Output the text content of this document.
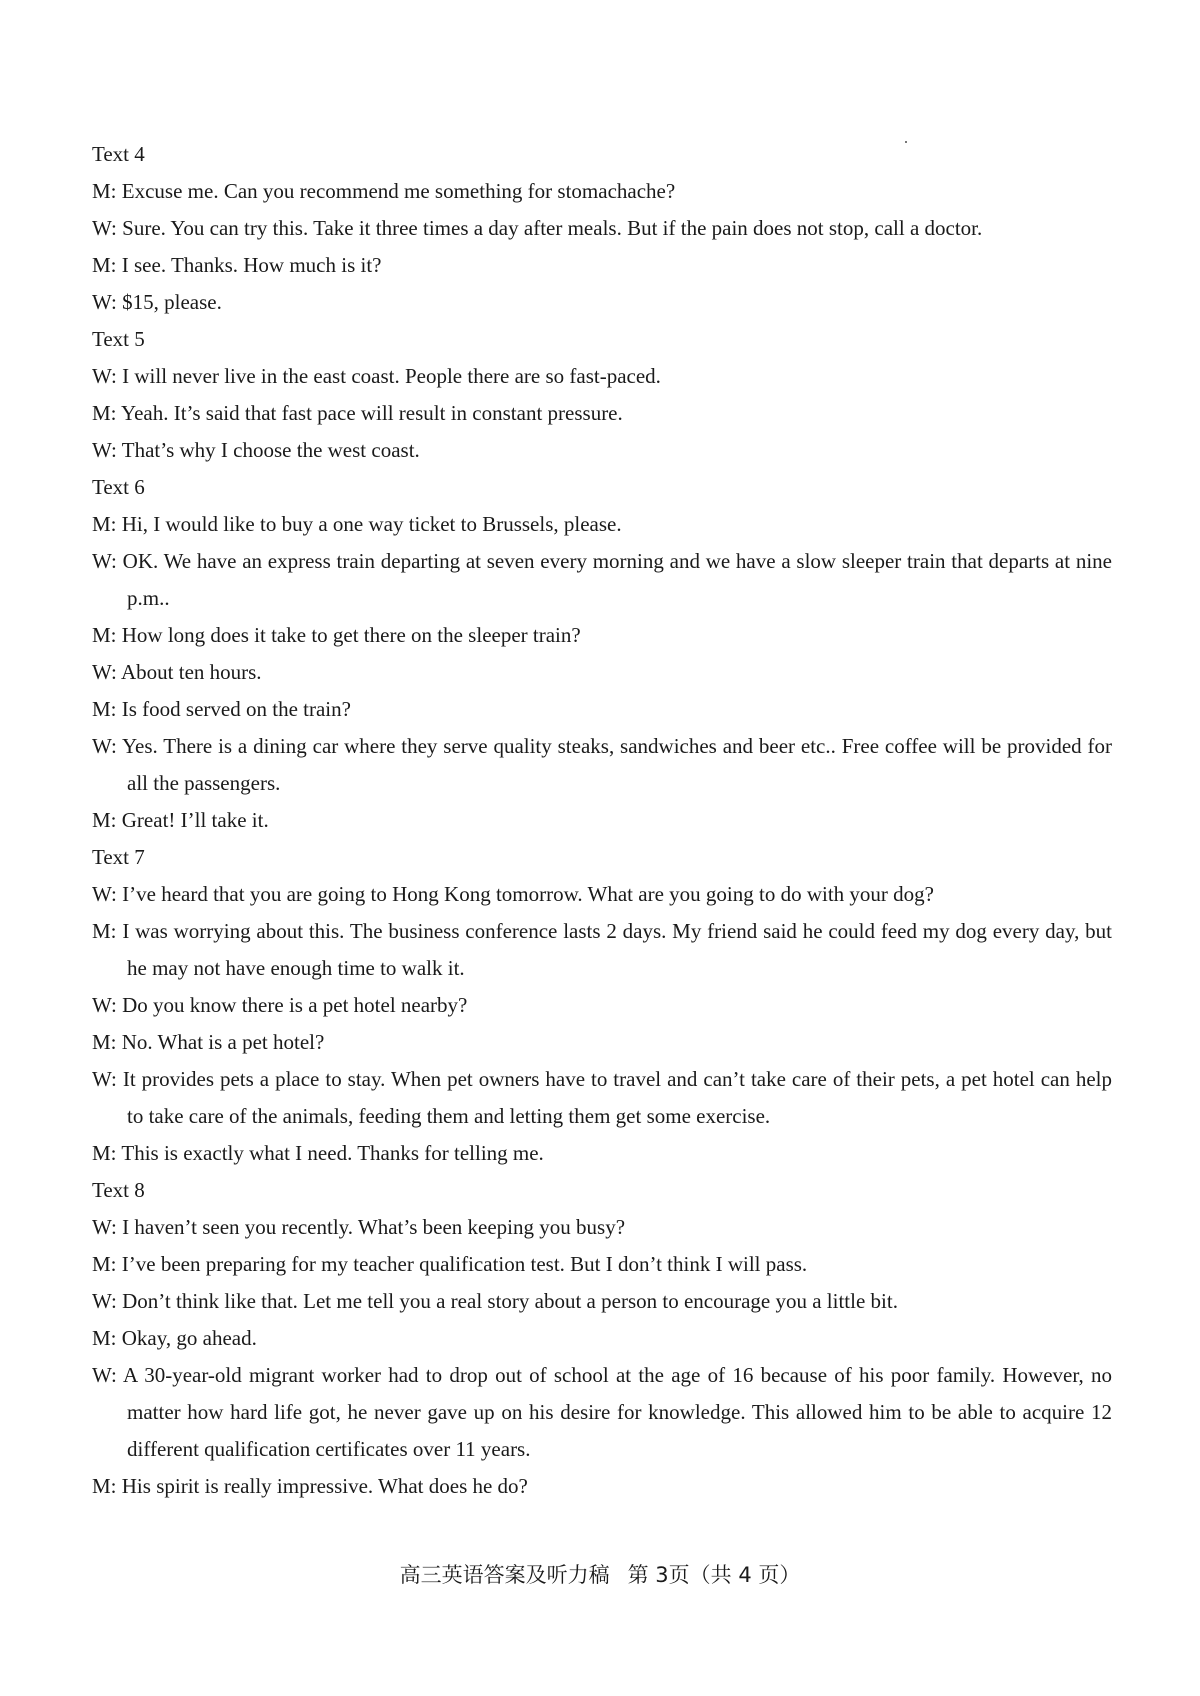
Text 4
M: Excuse me. Can you recommend me something for stomachache?
W: Sure. You can try this. Take it three times a day after meals. But if the pain does not stop, call a doctor.
M: I see. Thanks. How much is it?
W: $15, please.
Text 5
W: I will never live in the east coast. People there are so fast-paced.
M: Yeah. It’s said that fast pace will result in constant pressure.
W: That’s why I choose the west coast.
Text 6
M: Hi, I would like to buy a one way ticket to Brussels, please.
W: OK. We have an express train departing at seven every morning and we have a slow sleeper train that departs at nine p.m..
M: How long does it take to get there on the sleeper train?
W: About ten hours.
M: Is food served on the train?
W: Yes. There is a dining car where they serve quality steaks, sandwiches and beer etc.. Free coffee will be provided for all the passengers.
M: Great! I’ll take it.
Text 7
W: I’ve heard that you are going to Hong Kong tomorrow. What are you going to do with your dog?
M: I was worrying about this. The business conference lasts 2 days. My friend said he could feed my dog every day, but he may not have enough time to walk it.
W: Do you know there is a pet hotel nearby?
M: No. What is a pet hotel?
W: It provides pets a place to stay. When pet owners have to travel and can’t take care of their pets, a pet hotel can help to take care of the animals, feeding them and letting them get some exercise.
M: This is exactly what I need. Thanks for telling me.
Text 8
W: I haven’t seen you recently. What’s been keeping you busy?
M: I’ve been preparing for my teacher qualification test. But I don’t think I will pass.
W: Don’t think like that. Let me tell you a real story about a person to encourage you a little bit.
M: Okay, go ahead.
W: A 30-year-old migrant worker had to drop out of school at the age of 16 because of his poor family. However, no matter how hard life got, he never gave up on his desire for knowledge. This allowed him to be able to acquire 12 different qualification certificates over 11 years.
M: His spirit is really impressive. What does he do?
高三英语答案及听力稿 第 3页（共 4 页）
